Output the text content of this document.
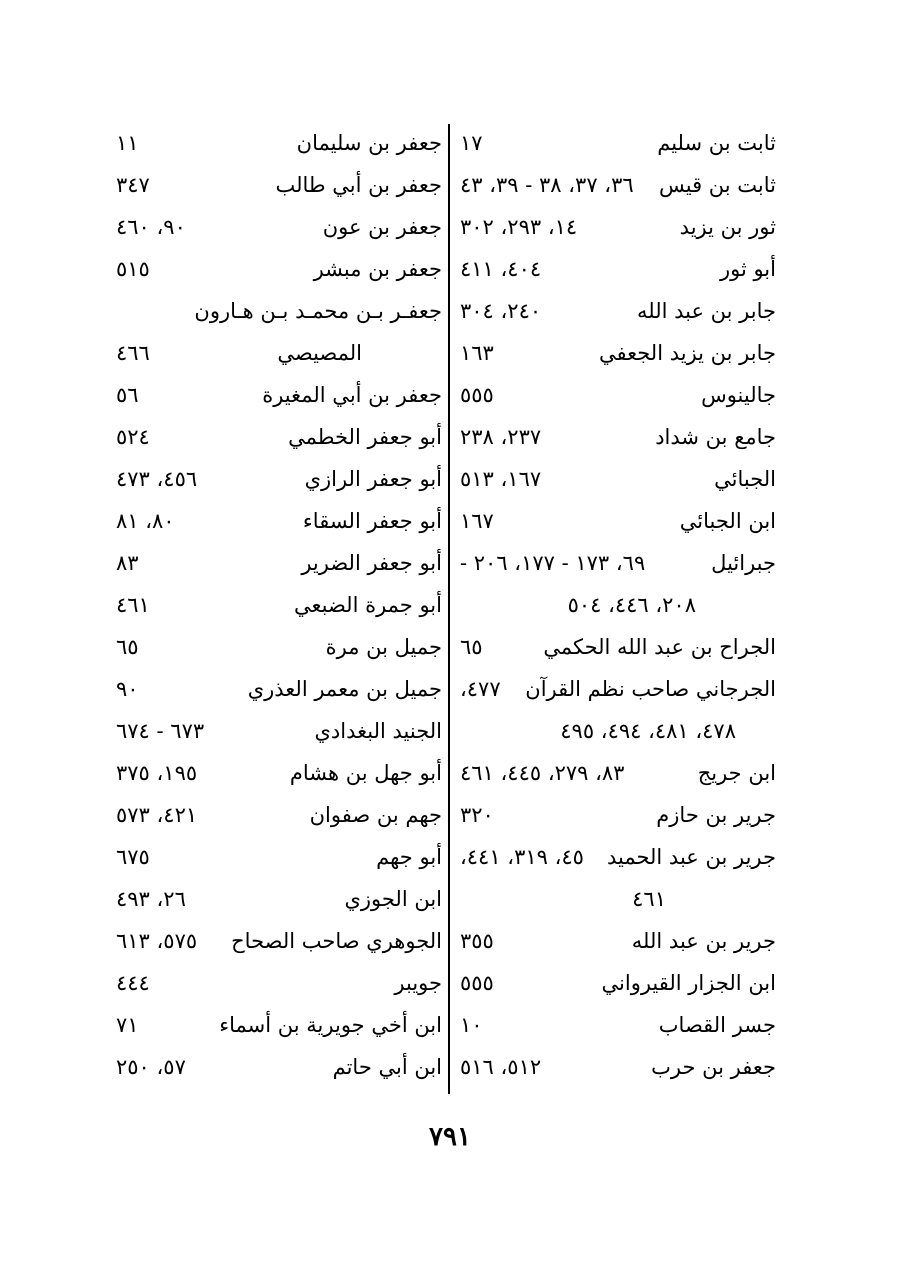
ثابت بن سليم
١٧
ثابت بن قيس
٣٦، ٣٧، ٣٨ - ٣٩، ٤٣
ثور بن يزيد
١٤، ٢٩٣، ٣٠٢
أبو ثور
٤٠٤، ٤١١
جابر بن عبد الله
٢٤٠، ٣٠٤
جابر بن يزيد الجعفي
١٦٣
جالينوس
٥٥٥
جامع بن شداد
٢٣٧، ٢٣٨
الجبائي
١٦٧، ٥١٣
ابن الجبائي
١٦٧
جبرائيل
٦٩، ١٧٣ - ١٧٧، ٢٠٦ -
٢٠٨، ٤٤٦، ٥٠٤
الجراح بن عبد الله الحكمي
٦٥
الجرجاني صاحب نظم القرآن
٤٧٧،
٤٧٨، ٤٨١، ٤٩٤، ٤٩٥
ابن جريج
٨٣، ٢٧٩، ٤٤٥، ٤٦١
جرير بن حازم
٣٢٠
جرير بن عبد الحميد
٤٥، ٣١٩، ٤٤١،
٤٦١
جرير بن عبد الله
٣٥٥
ابن الجزار القيرواني
٥٥٥
جسر القصاب
١٠
جعفر بن حرب
٥١٢، ٥١٦
جعفر بن سليمان
١١
جعفر بن أبي طالب
٣٤٧
جعفر بن عون
٩٠، ٤٦٠
جعفر بن مبشر
٥١٥
جعفـر بـن محمـد بـن هـارون
المصيصي
٤٦٦
جعفر بن أبي المغيرة
٥٦
أبو جعفر الخطمي
٥٢٤
أبو جعفر الرازي
٤٥٦، ٤٧٣
أبو جعفر السقاء
٨٠، ٨١
أبو جعفر الضرير
٨٣
أبو جمرة الضبعي
٤٦١
جميل بن مرة
٦٥
جميل بن معمر العذري
٩٠
الجنيد البغدادي
٦٧٣ - ٦٧٤
أبو جهل بن هشام
١٩٥، ٣٧٥
جهم بن صفوان
٤٢١، ٥٧٣
أبو جهم
٦٧٥
ابن الجوزي
٢٦، ٤٩٣
الجوهري صاحب الصحاح
٥٧٥، ٦١٣
جويبر
٤٤٤
ابن أخي جويرية بن أسماء
٧١
ابن أبي حاتم
٥٧، ٢٥٠
٧٩١
